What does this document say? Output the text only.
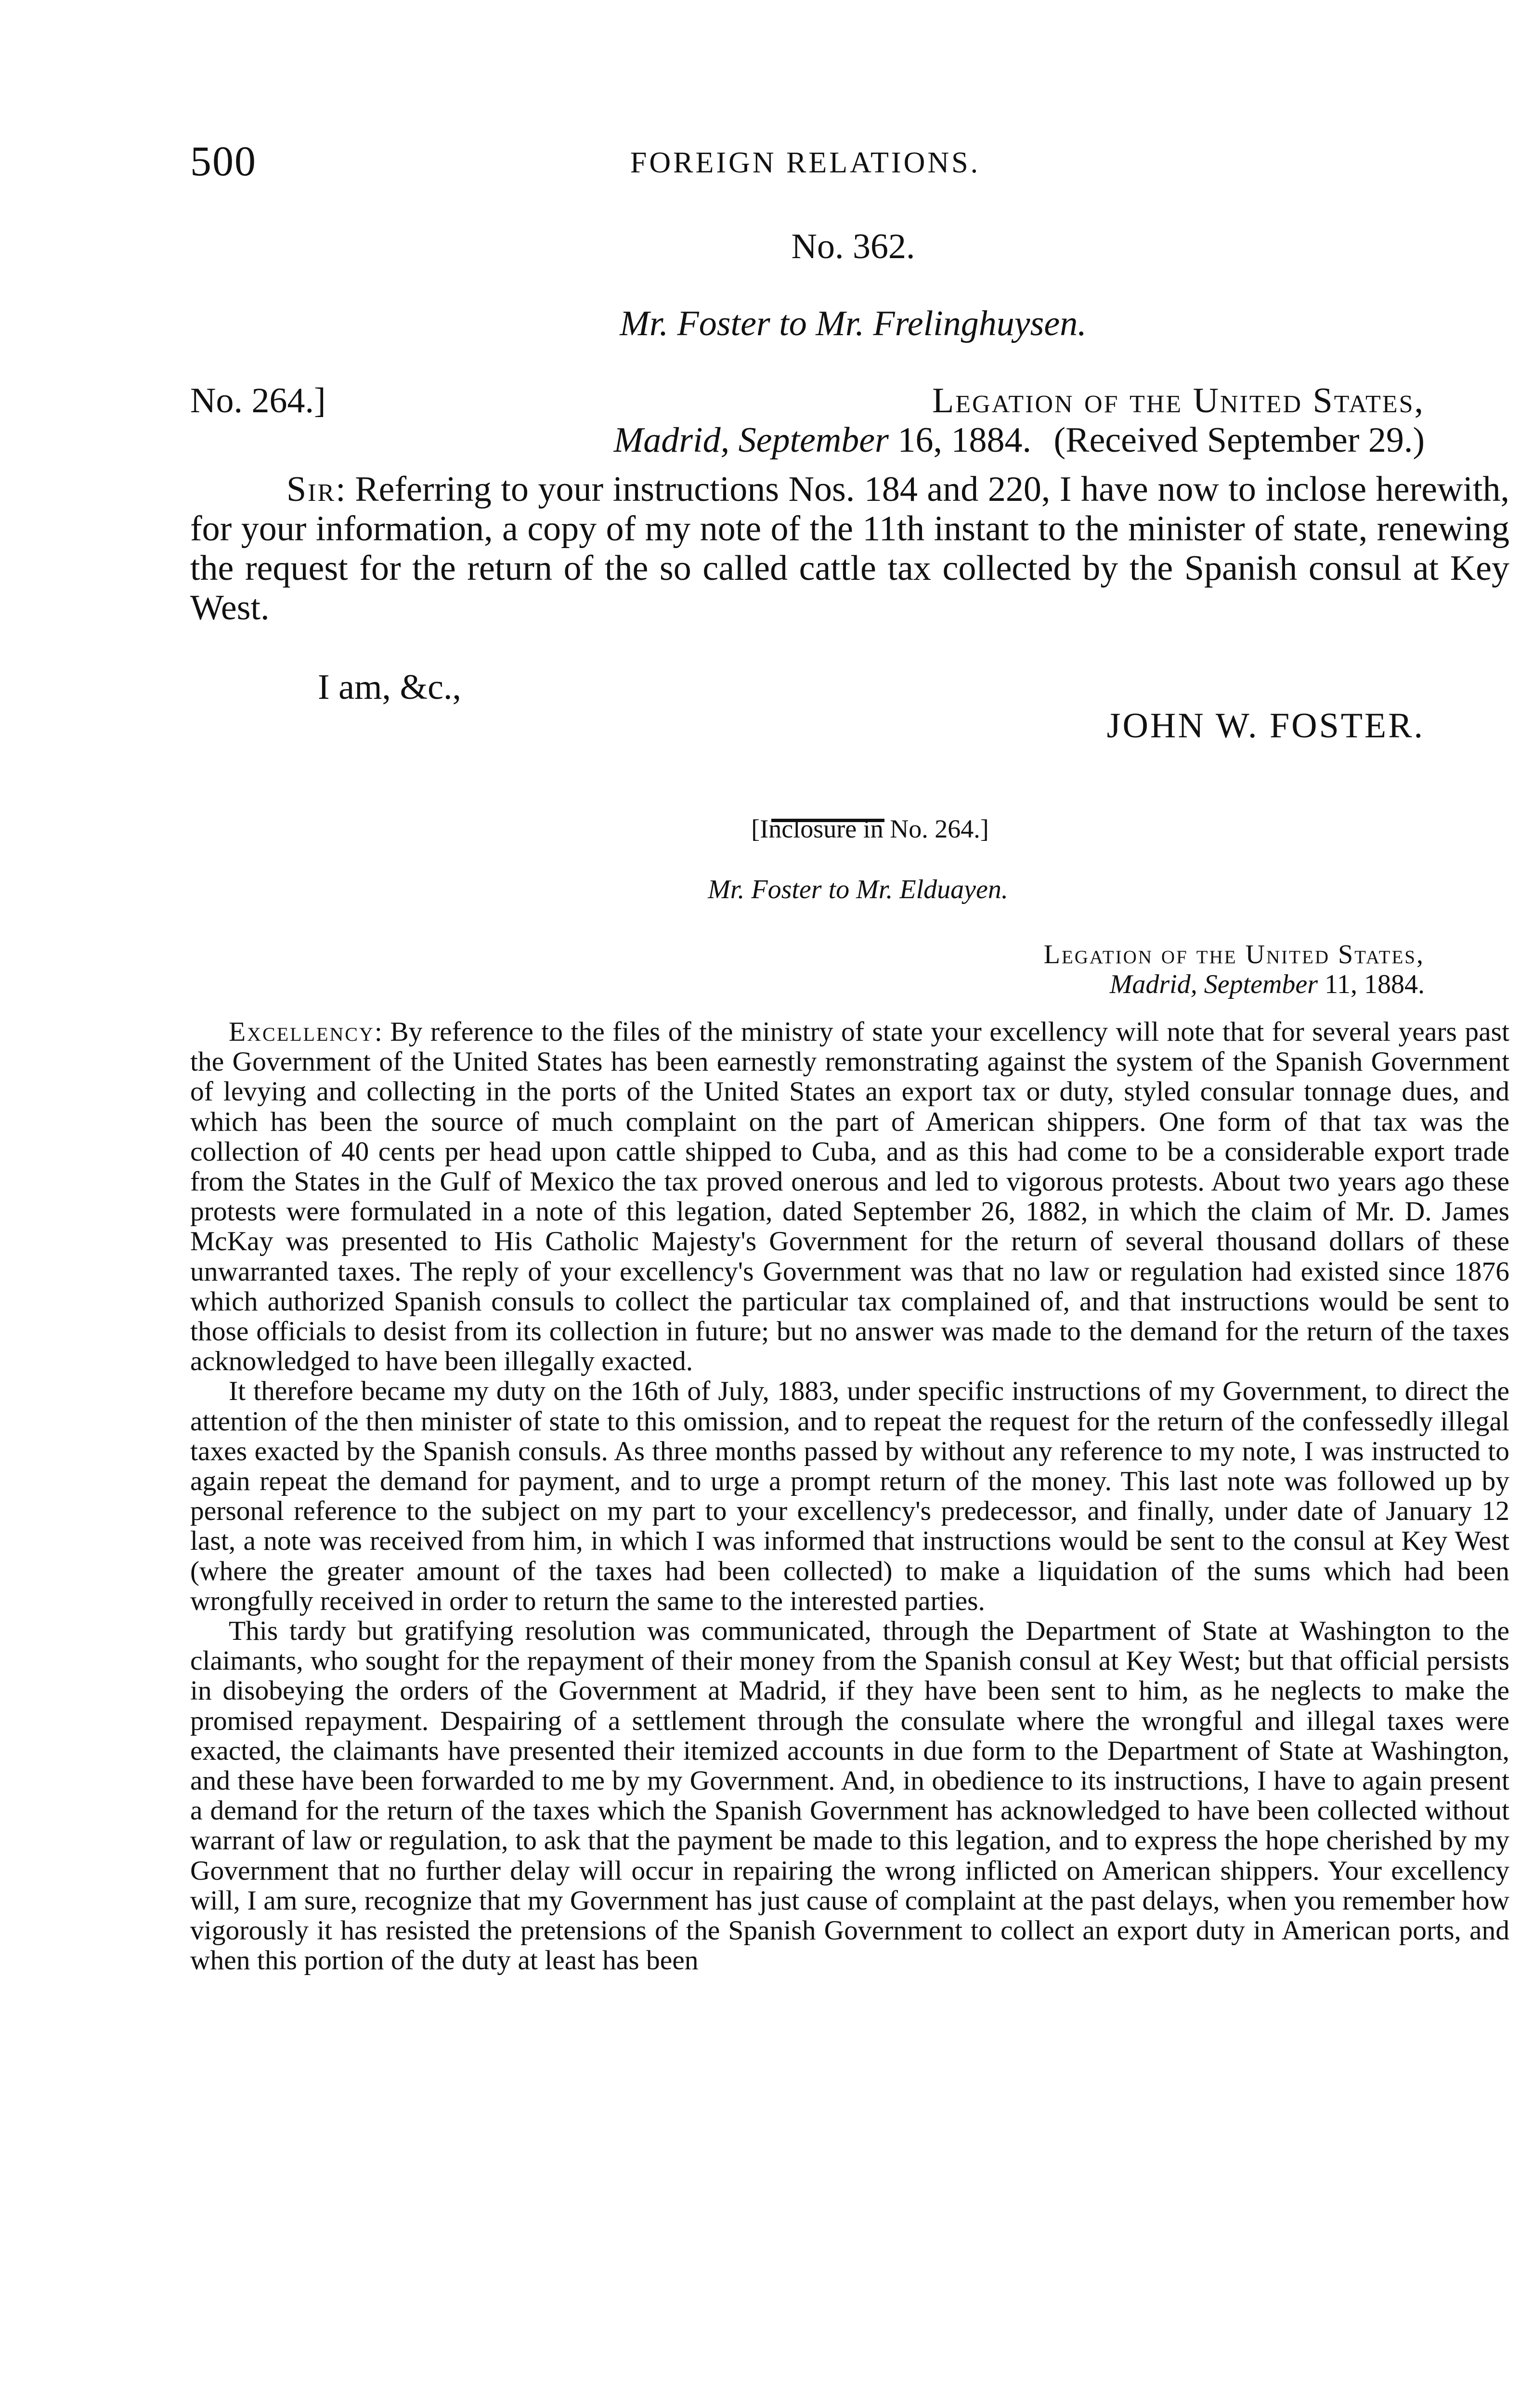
500	FOREIGN RELATIONS.
No. 362.
Mr. Foster to Mr. Frelinghuysen.
No. 264.]	Legation of the United States,
Madrid, September 16, 1884. (Received September 29.)
Sir: Referring to your instructions Nos. 184 and 220, I have now to inclose herewith, for your information, a copy of my note of the 11th instant to the minister of state, renewing the request for the return of the so called cattle tax collected by the Spanish consul at Key West.
I am, &c.,
JOHN W. FOSTER.
[Inclosure in No. 264.]
Mr. Foster to Mr. Elduayen.
Legation of the United States,
Madrid, September 11, 1884.

Excellency: By reference to the files of the ministry of state your excellency will note that for several years past the Government of the United States has been earnestly remonstrating against the system of the Spanish Government of levying and collecting in the ports of the United States an export tax or duty, styled consular tonnage dues, and which has been the source of much complaint on the part of American shippers. One form of that tax was the collection of 40 cents per head upon cattle shipped to Cuba, and as this had come to be a considerable export trade from the States in the Gulf of Mexico the tax proved onerous and led to vigorous protests. About two years ago these protests were formulated in a note of this legation, dated September 26, 1882, in which the claim of Mr. D. James McKay was presented to His Catholic Majesty's Government for the return of several thousand dollars of these unwarranted taxes. The reply of your excellency's Government was that no law or regulation had existed since 1876 which authorized Spanish consuls to collect the particular tax complained of, and that instructions would be sent to those officials to desist from its collection in future; but no answer was made to the demand for the return of the taxes acknowledged to have been illegally exacted.

It therefore became my duty on the 16th of July, 1883, under specific instructions of my Government, to direct the attention of the then minister of state to this omission, and to repeat the request for the return of the confessedly illegal taxes exacted by the Spanish consuls. As three months passed by without any reference to my note, I was instructed to again repeat the demand for payment, and to urge a prompt return of the money. This last note was followed up by personal reference to the subject on my part to your excellency's predecessor, and finally, under date of January 12 last, a note was received from him, in which I was informed that instructions would be sent to the consul at Key West (where the greater amount of the taxes had been collected) to make a liquidation of the sums which had been wrongfully received in order to return the same to the interested parties.

This tardy but gratifying resolution was communicated, through the Department of State at Washington to the claimants, who sought for the repayment of their money from the Spanish consul at Key West; but that official persists in disobeying the orders of the Government at Madrid, if they have been sent to him, as he neglects to make the promised repayment. Despairing of a settlement through the consulate where the wrongful and illegal taxes were exacted, the claimants have presented their itemized accounts in due form to the Department of State at Washington, and these have been forwarded to me by my Government. And, in obedience to its instructions, I have to again present a demand for the return of the taxes which the Spanish Government has acknowledged to have been collected without warrant of law or regulation, to ask that the payment be made to this legation, and to express the hope cherished by my Government that no further delay will occur in repairing the wrong inflicted on American shippers. Your excellency will, I am sure, recognize that my Government has just cause of complaint at the past delays, when you remember how vigorously it has resisted the pretensions of the Spanish Government to collect an export duty in American ports, and when this portion of the duty at least has been
